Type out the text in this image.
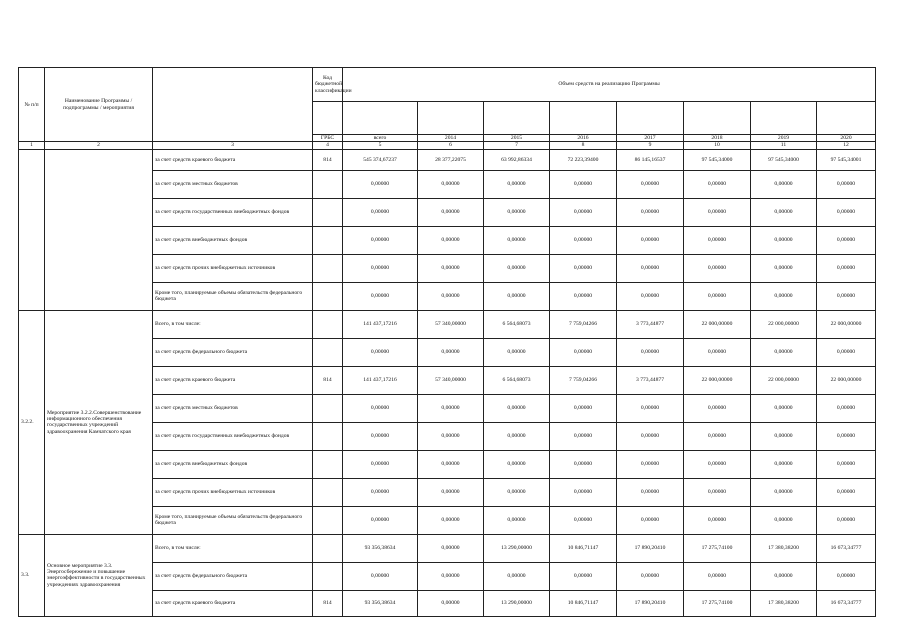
№ п/п	Наименование Программы / подпрограммы / мероприятия		Код бюджетной классификации	Объем средств на реализацию Программы							

			ГРБС	всего	2014	2015	2016	2017	2018	2019	2020
1	2	3	4	5	6	7	8	9	10	11	12
		за счет средств краевого бюджета	814	545 374,67237	28 377,22075	63 992,86334	72 223,39400	86 145,16537	97 545,34000	97 545,34000	97 545,34001
		за счет средств местных бюджетов		0,00000	0,00000	0,00000	0,00000	0,00000	0,00000	0,00000	0,00000
		за счет средств государственных внебюджетных фондов		0,00000	0,00000	0,00000	0,00000	0,00000	0,00000	0,00000	0,00000
		за счет средств внебюджетных фондов		0,00000	0,00000	0,00000	0,00000	0,00000	0,00000	0,00000	0,00000
		за счет средств прочих внебюджетных источников		0,00000	0,00000	0,00000	0,00000	0,00000	0,00000	0,00000	0,00000
		Кроме того, планируемые объемы обязательств федерального бюджета		0,00000	0,00000	0,00000	0,00000	0,00000	0,00000	0,00000	0,00000
3.2.2.	Мероприятие 3.2.2.Совершенствование информационного обеспечения государственных учреждений здравоохранения Камчатского края	Всего, в том числе:		141 437,17216	57 340,00000	6 564,68073	7 759,04266	3 773,44877	22 000,00000	22 000,00000	22 000,00000
		за счет средств федерального бюджета		0,00000	0,00000	0,00000	0,00000	0,00000	0,00000	0,00000	0,00000
		за счет средств краевого бюджета	814	141 437,17216	57 340,00000	6 564,68073	7 759,04266	3 773,44877	22 000,00000	22 000,00000	22 000,00000
		за счет средств местных бюджетов		0,00000	0,00000	0,00000	0,00000	0,00000	0,00000	0,00000	0,00000
		за счет средств государственных внебюджетных фондов		0,00000	0,00000	0,00000	0,00000	0,00000	0,00000	0,00000	0,00000
		за счет средств внебюджетных фондов		0,00000	0,00000	0,00000	0,00000	0,00000	0,00000	0,00000	0,00000
		за счет средств прочих внебюджетных источников		0,00000	0,00000	0,00000	0,00000	0,00000	0,00000	0,00000	0,00000
		Кроме того, планируемые объемы обязательств федерального бюджета		0,00000	0,00000	0,00000	0,00000	0,00000	0,00000	0,00000	0,00000
3.3.	Основное мероприятие 3.3. Энергосбережение и повышение энергоэффективности в государственных учреждениях здравоохранения	Всего, в том числе:		93 356,38634	0,00000	13 290,00000	10 846,71147	17 890,20410	17 275,74100	17 380,38200	16 673,34777
		за счет средств федерального бюджета		0,00000	0,00000	0,00000	0,00000	0,00000	0,00000	0,00000	0,00000
		за счет средств краевого бюджета	814	93 356,38634	0,00000	13 290,00000	10 846,71147	17 890,20410	17 275,74100	17 380,38200	16 673,34777
